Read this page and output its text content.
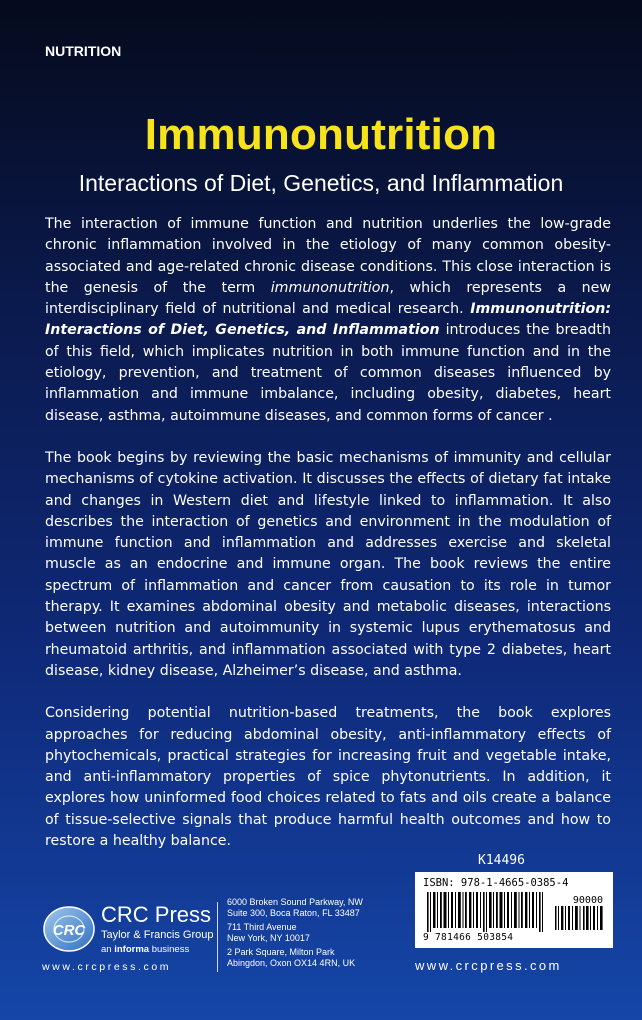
NUTRITION
Immunonutrition
Interactions of Diet, Genetics, and Inflammation

The interaction of immune function and nutrition underlies the low-grade chronic inflammation involved in the etiology of many common obesity-associated and age-related chronic disease conditions. This close interaction is the genesis of the term immunonutrition, which represents a new interdisciplinary field of nutritional and medical research. Immunonutrition: Interactions of Diet, Genetics, and Inflammation introduces the breadth of this field, which implicates nutrition in both immune function and in the etiology, prevention, and treatment of common diseases influenced by inflammation and immune imbalance, including obesity, diabetes, heart disease, asthma, autoimmune diseases, and common forms of cancer .

The book begins by reviewing the basic mechanisms of immunity and cellular mechanisms of cytokine activation. It discusses the effects of dietary fat intake and changes in Western diet and lifestyle linked to inflammation. It also describes the interaction of genetics and environment in the modulation of immune function and inflammation and addresses exercise and skeletal muscle as an endocrine and immune organ. The book reviews the entire spectrum of inflammation and cancer from causation to its role in tumor therapy. It examines abdominal obesity and metabolic diseases, interactions between nutrition and autoimmunity in systemic lupus erythematosus and rheumatoid arthritis, and inflammation associated with type 2 diabetes, heart disease, kidney disease, Alzheimer’s disease, and asthma.

Considering potential nutrition-based treatments, the book explores approaches for reducing abdominal obesity, anti-inflammatory effects of phytochemicals, practical strategies for increasing fruit and vegetable intake, and anti-inflammatory properties of spice phytonutrients. In addition, it explores how uninformed food choices related to fats and oils create a balance of tissue-selective signals that produce harmful health outcomes and how to restore a healthy balance.

K14496
ISBN: 978-1-4665-0385-4
90000
9 781466 503854
CRC
CRC Press
Taylor & Francis Group
an informa business
6000 Broken Sound Parkway, NW
Suite 300, Boca Raton, FL 33487
711 Third Avenue
New York, NY 10017
2 Park Square, Milton Park
Abingdon, Oxon OX14 4RN, UK
www.crcpress.com	www.crcpress.com
